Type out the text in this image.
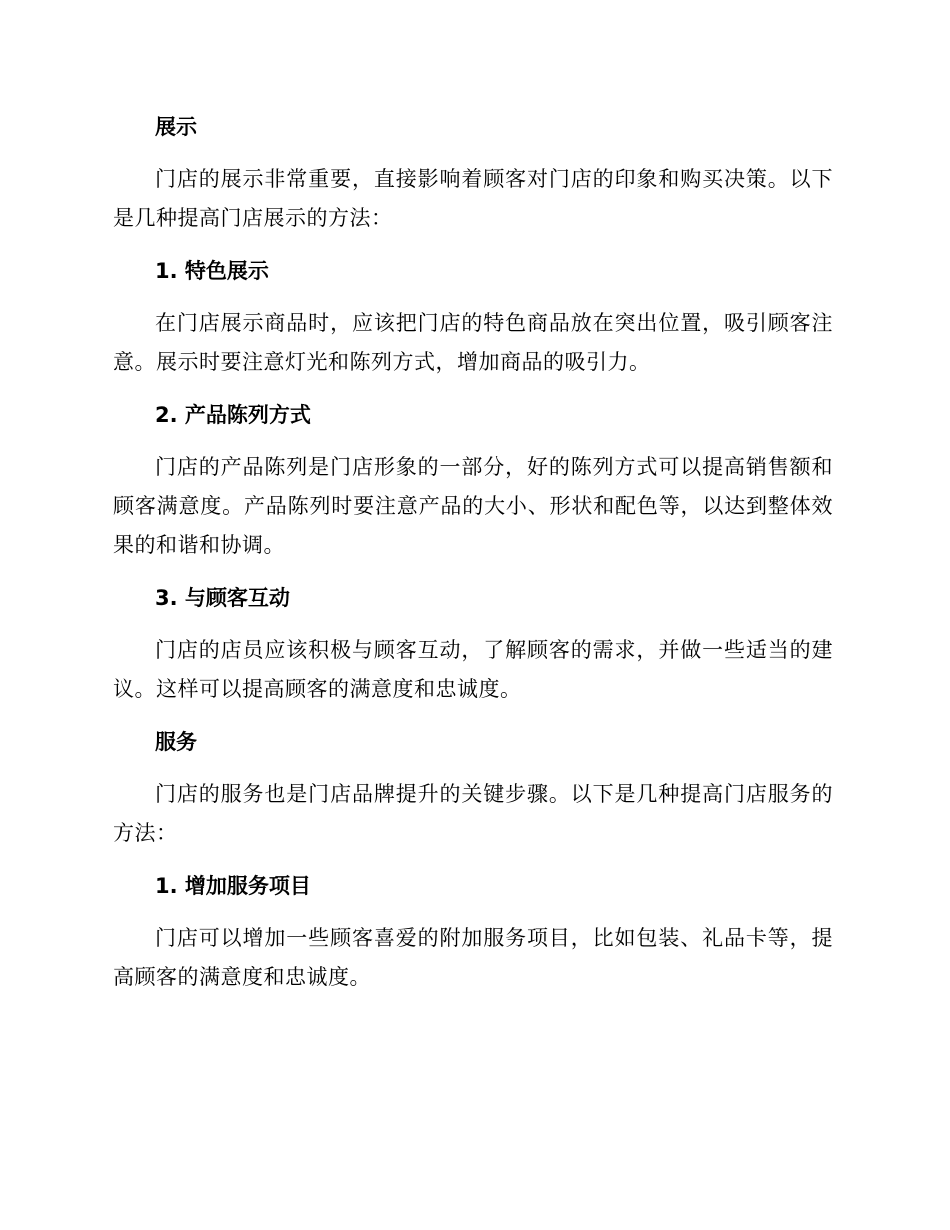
展示

门店的展示非常重要，直接影响着顾客对门店的印象和购买决策。以下是几种提高门店展示的方法：

1. 特色展示

在门店展示商品时，应该把门店的特色商品放在突出位置，吸引顾客注意。展示时要注意灯光和陈列方式，增加商品的吸引力。

2. 产品陈列方式

门店的产品陈列是门店形象的一部分，好的陈列方式可以提高销售额和顾客满意度。产品陈列时要注意产品的大小、形状和配色等，以达到整体效果的和谐和协调。

3. 与顾客互动

门店的店员应该积极与顾客互动，了解顾客的需求，并做一些适当的建议。这样可以提高顾客的满意度和忠诚度。

服务

门店的服务也是门店品牌提升的关键步骤。以下是几种提高门店服务的方法：

1. 增加服务项目

门店可以增加一些顾客喜爱的附加服务项目，比如包装、礼品卡等，提高顾客的满意度和忠诚度。
